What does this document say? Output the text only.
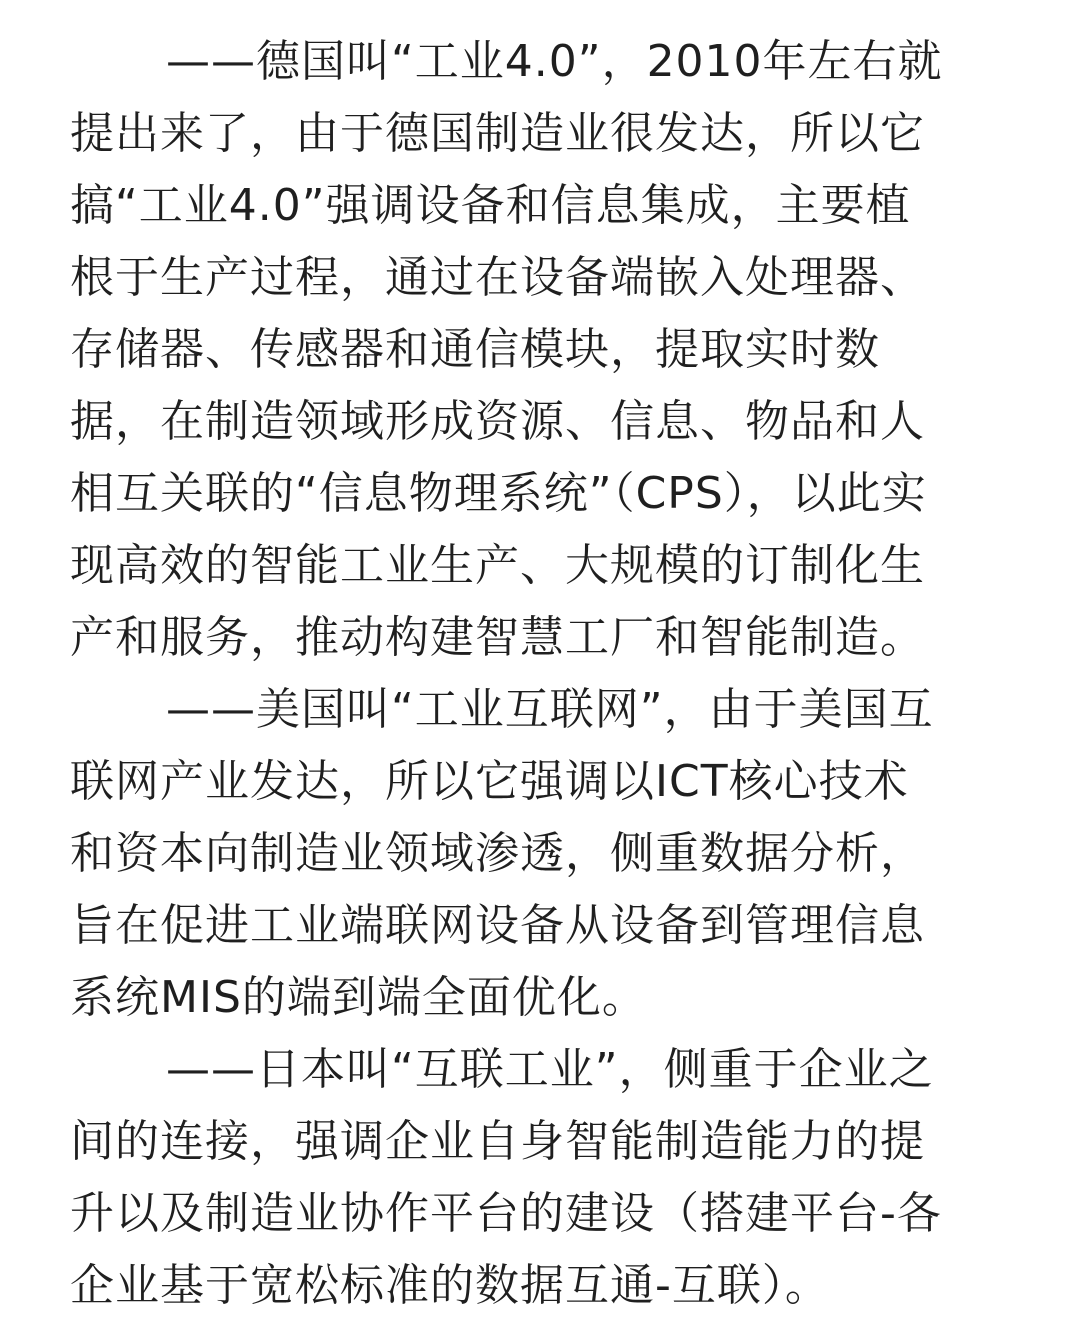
——德国叫“工业4.0”，2010年左右就

提出来了，由于德国制造业很发达，所以它

搞“工业4.0”强调设备和信息集成，主要植

根于生产过程，通过在设备端嵌入处理器、

存储器、传感器和通信模块，提取实时数

据，在制造领域形成资源、信息、物品和人

相互关联的“信息物理系统”（CPS），以此实

现高效的智能工业生产、大规模的订制化生

产和服务，推动构建智慧工厂和智能制造。

——美国叫“工业互联网”，由于美国互

联网产业发达，所以它强调以ICT核心技术

和资本向制造业领域渗透，侧重数据分析，

旨在促进工业端联网设备从设备到管理信息

系统MIS的端到端全面优化。

——日本叫“互联工业”，侧重于企业之

间的连接，强调企业自身智能制造能力的提

升以及制造业协作平台的建设（搭建平台-各

企业基于宽松标准的数据互通-互联）。
